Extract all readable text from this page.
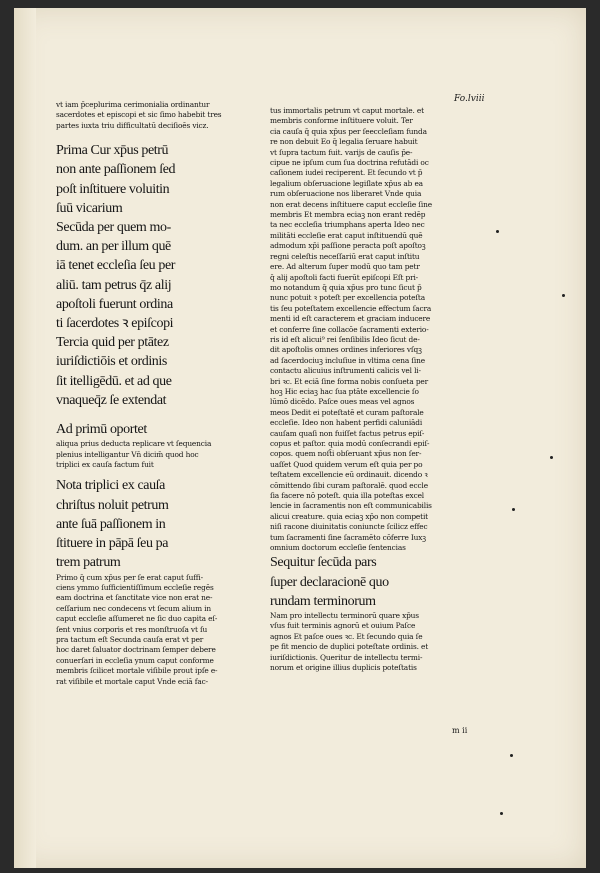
Fo.lviii
vt iam p̄ceplurima cerimonialia ordinantur
sacerdotes et episcopi et sic ſimo habebit tres
partes iuxta triu difficultatū deciſioēs vicz.
Prima Cur xp̄us petrū
non ante paſſionem ſed
poſt inſtituere voluitin
ſuū vicarium
Secūda per quem mo-
dum. an per illum quē
iā tenet eccleſia ſeu per
aliū. tam petrus q̄z alij
apoſtoli fuerunt ordina
ti ſacerdotes ꝛ epiſcopi
Tercia quid per ptātez
iuriſdictiōis et ordinis
ſit itelligēdū. et ad que
vnaqueq̄z ſe extendat
Ad primū oportet
aliqua prius deducta replicare vt ſequencia
plenius intelligantur Vn̄ dicim̄ quod hoc
triplici ex cauſa factum fuit
Nota triplici ex cauſa
chriſtus noluit petrum
ante ſuā paſſionem in
ſtituere in pāpā ſeu pa
trem patrum
Primo q̄ cum xp̄us per ſe erat caput ſuffi-
ciens ymmo ſufficientiſſimum eccleſie regēs
eam doctrina et ſanctitate vice non erat ne-
ceſſarium nec condecens vt ſecum alium in
caput eccleſie aſſumeret ne ſic duo capita eſ-
ſent vnius corporis et res monſtruoſa vt ſu
pra tactum eſt Secunda cauſa erat vt per
hoc daret ſaluator doctrinam ſemper debere
conuerſari in eccleſia ynum caput conforme
membris ſcilicet mortale viſibile prout ipſe e-
rat viſibile et mortale caput Vnde eciā fac-
tus immortalis petrum vt caput mortale. et
membris conforme inſtituere voluit. Ter
cia cauſa q̄ quia xp̄us per ſeeccleſiam funda
re non debuit Eo q̄ legalia ſeruare habuit
vt ſupra tactum fuit. varijs de cauſis p̄e-
cipue ne ipſum cum ſua doctrina refutādi oc
caſionem iudei reciperent. Et ſecundo vt p̄
legalium obſeruacione legiſlate xp̄us ab ea
rum obſeruacione nos liberaret Vnde quia
non erat decens inſtituere caput eccleſie ſine
membris Et membra eciaꝫ non erant redēp
ta nec eccleſia triumphans aperta Ideo nec
militāti eccleſie erat caput inſtituendū quē
admodum xp̄i paſſione peracta poſt apoſtoꝫ
regni celeſtis neceſſariū erat caput inſtitu
ere. Ad alterum ſuper modū quo tam petr
q̄ alij apoſtoli facti fuerūt epiſcopi Eſt pri-
mo notandum q̄ quia xp̄us pro tunc ſicut p̄
nunc potuit ꝛ poteſt per excellencia poteſta
tis ſeu poteſtatem excellencie effectum ſacra
menti id eſt caracterem et graciam inducere
et conferre ſine collacōe ſacramenti exterio-
ris id eſt alicui⁹ rei ſenſibilis Ideo ſicut de-
dit apoſtolis omnes ordines inferiores vſqꝫ
ad ſacerdociuꝫ incluſiue in vltima cena ſine
contactu alicuius inſtrumenti calicis vel li-
bri ꝛc. Et eciā ſine forma nobis conſueta per
hoꝫ Hic eciaꝫ hac ſua ptāte excellencie ſo
lūmō dicēdo. Paſce oues meas vel agnos
meos Dedit ei poteſtatē et curam paſtorale
eccleſie. Ideo non habent perfidi caluniādi
cauſam quaſi non fuiſſet factus petrus epiſ-
copus et paſtor. quia modū conſecrandi epiſ-
copos. quem noſt̄i obſeruant xp̄us non ſer-
uaſſet Quod quidem verum eſt quia per po
teſtatem excellencie eū ordinauit. dicendo ꝛ
cōmittendo ſibi curam paſtoralē. quod eccle
ſia facere nō poteſt. quia illa poteſtas excel
lencie in ſacramentis non eſt communicabilis
alicui creature. quia eciaꝫ xp̄o non competit
niſi racone diuinitatis coniuncte ſcilicz effec
tum ſacramenti ſine ſacramēto cōferre Iuxꝫ
omnium doctorum eccleſie ſentencias
Sequitur ſecūda pars
ſuper declaracionē quo
rundam terminorum
Nam pro intellectu terminorū quare xp̄us
vſus fuit terminis agnorū et ouium Paſce
agnos Et paſce oues ꝛc. Et ſecundo quia ſe
pe fit mencio de duplici poteſtate ordinis. et
iuriſdictionis. Queritur de intellectu termi-
norum et origine illius duplicis poteſtatis
m ii
